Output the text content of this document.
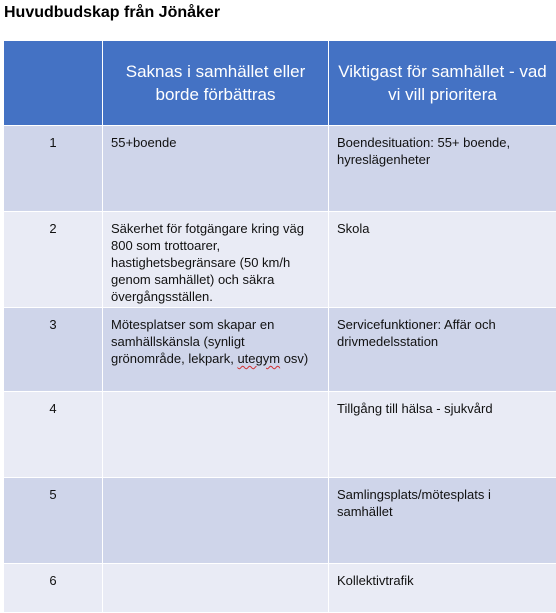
Huvudbudskap från Jönåker
	Saknas i samhället eller borde förbättras	Viktigast för samhället - vad vi vill prioritera
1	55+boende	Boendesituation: 55+ boende, hyreslägenheter
2	Säkerhet för fotgängare kring väg 800 som trottoarer, hastighetsbegränsare (50 km/h genom samhället) och säkra övergångsställen.	Skola
3	Mötesplatser som skapar en samhällskänsla (synligt grönområde, lekpark, utegym osv)	Servicefunktioner: Affär och drivmedelsstation
4		Tillgång till hälsa - sjukvård
5		Samlingsplats/mötesplats i samhället
6		Kollektivtrafik
